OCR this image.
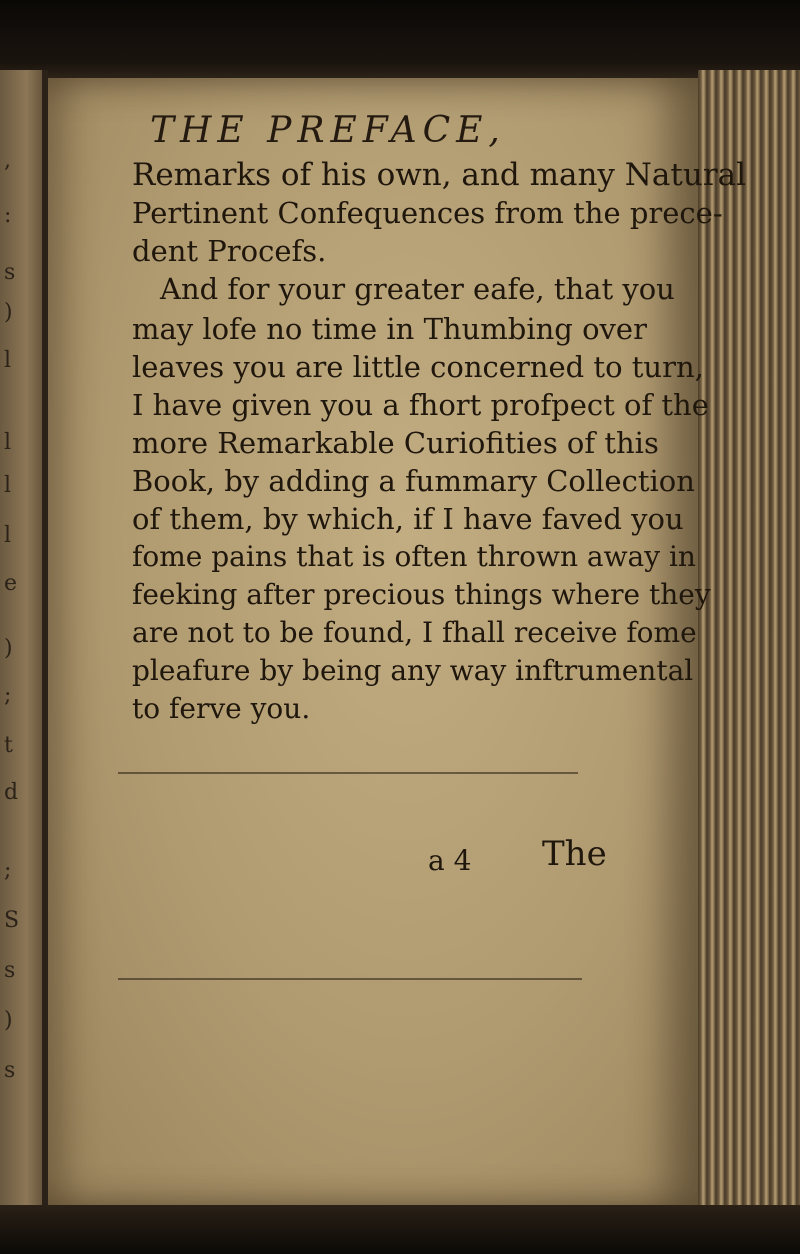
,
:
s
)
l
l
l
l
e
)
;
t
d
;
S
s
)
s
THE PREFACE,
Remarks of his own, and many Natural
Pertinent Confequences from the prece-
dent Procefs.
And for your greater eafe, that you
may lofe no time in Thumbing over
leaves you are little concerned to turn,
I have given you a fhort profpect of the
more Remarkable Curiofities of this
Book, by adding a fummary Collection
of them, by which, if I have faved you
fome pains that is often thrown away in
feeking after precious things where they
are not to be found, I fhall receive fome
pleafure by being any way inftrumental
to ferve you.
a 4 The
